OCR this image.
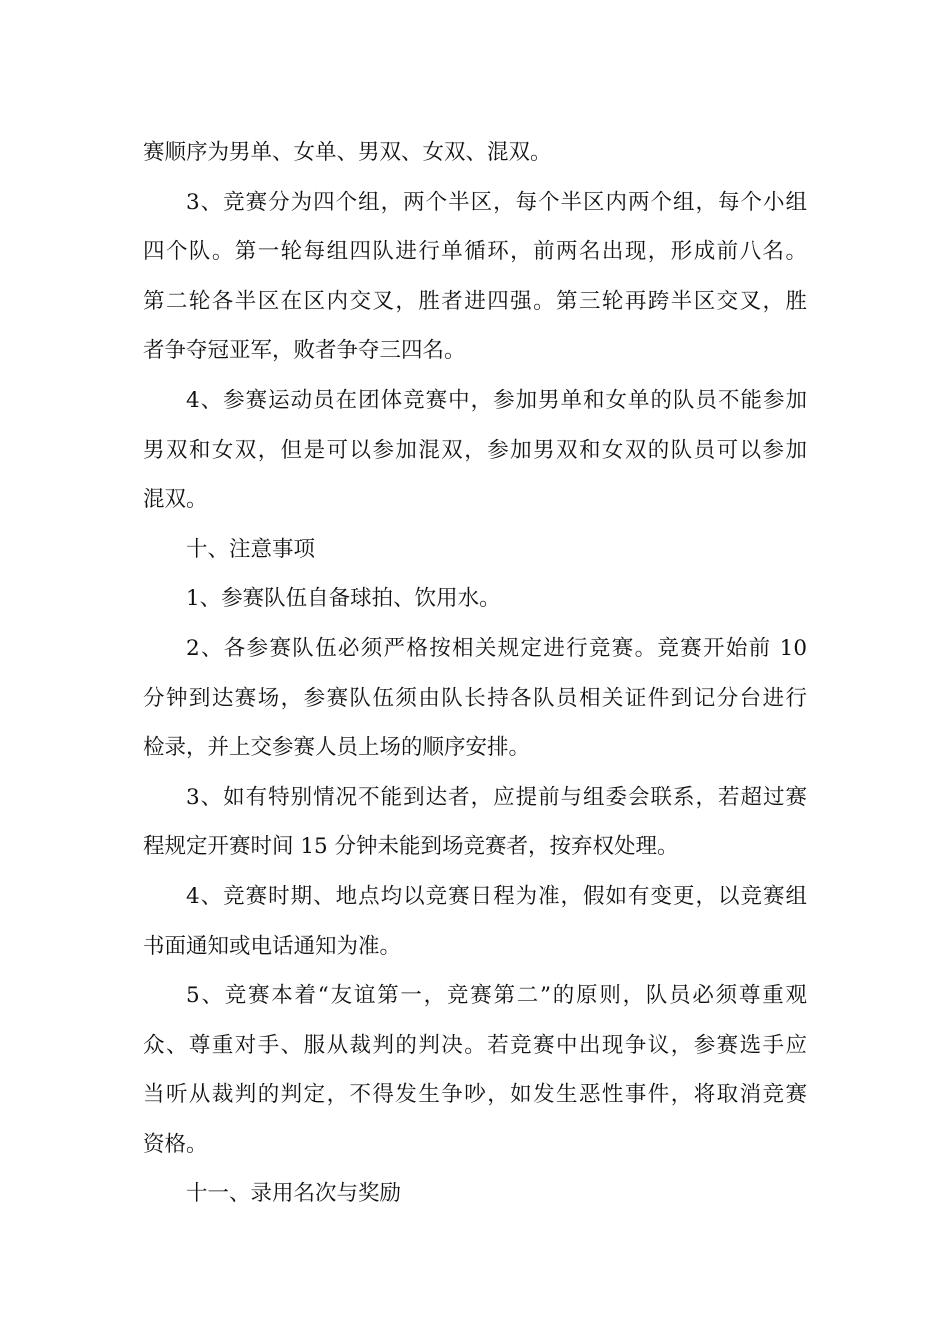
赛顺序为男单、女单、男双、女双、混双。
3、竞赛分为四个组，两个半区，每个半区内两个组，每个小组
四个队。第一轮每组四队进行单循环，前两名出现，形成前八名。
第二轮各半区在区内交叉，胜者进四强。第三轮再跨半区交叉，胜
者争夺冠亚军，败者争夺三四名。
4、参赛运动员在团体竞赛中，参加男单和女单的队员不能参加
男双和女双，但是可以参加混双，参加男双和女双的队员可以参加
混双。
十、注意事项
1、参赛队伍自备球拍、饮用水。
2、各参赛队伍必须严格按相关规定进行竞赛。竞赛开始前 10
分钟到达赛场，参赛队伍须由队长持各队员相关证件到记分台进行
检录，并上交参赛人员上场的顺序安排。
3、如有特别情况不能到达者，应提前与组委会联系，若超过赛
程规定开赛时间 15 分钟未能到场竞赛者，按弃权处理。
4、竞赛时期、地点均以竞赛日程为准，假如有变更，以竞赛组
书面通知或电话通知为准。
5、竞赛本着“友谊第一，竞赛第二”的原则，队员必须尊重观
众、尊重对手、服从裁判的判决。若竞赛中出现争议，参赛选手应
当听从裁判的判定，不得发生争吵，如发生恶性事件，将取消竞赛
资格。
十一、录用名次与奖励
